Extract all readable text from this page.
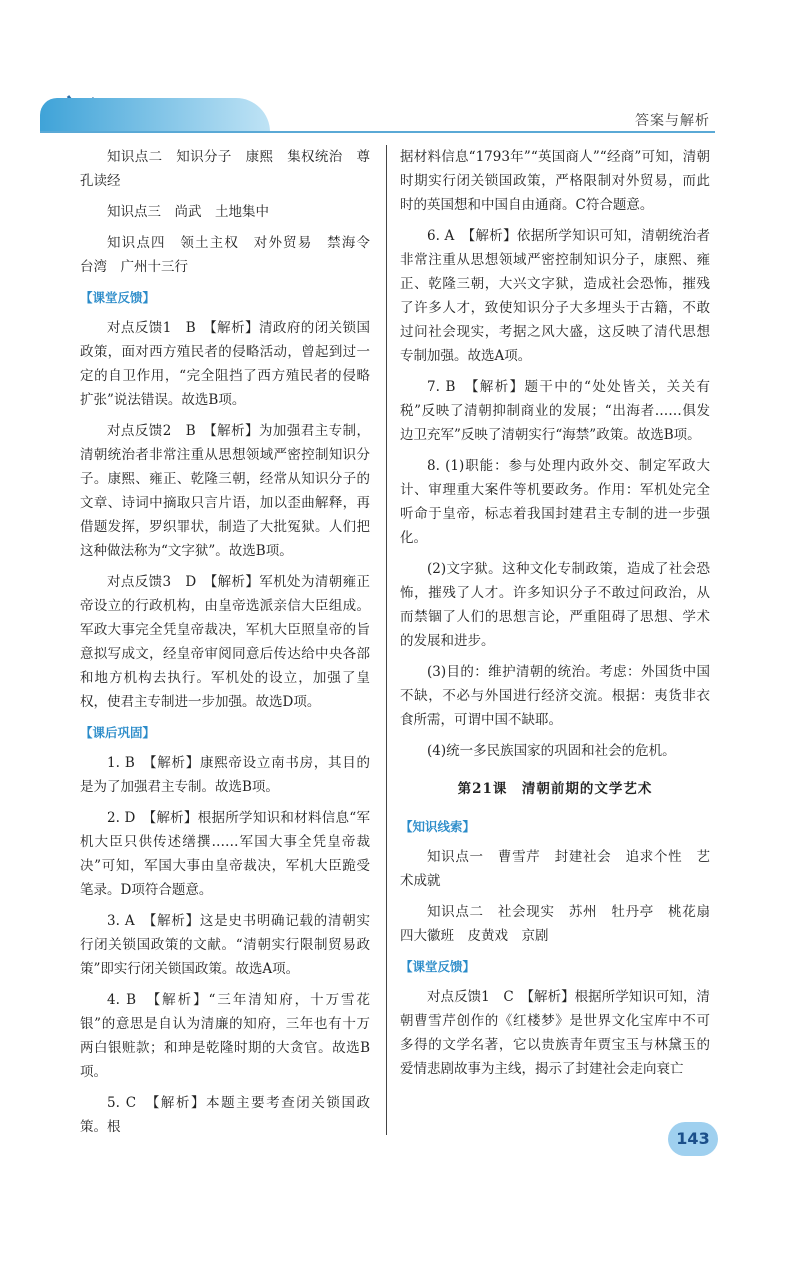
答案与解析

知识点二　知识分子　康熙　集权统治　尊孔读经

知识点三　尚武　土地集中

知识点四　领土主权　对外贸易　禁海令　台湾　广州十三行

【课堂反馈】

对点反馈1　B　【解析】清政府的闭关锁国政策，面对西方殖民者的侵略活动，曾起到过一定的自卫作用，“完全阻挡了西方殖民者的侵略扩张”说法错误。故选B项。

对点反馈2　B　【解析】为加强君主专制，清朝统治者非常注重从思想领域严密控制知识分子。康熙、雍正、乾隆三朝，经常从知识分子的文章、诗词中摘取只言片语，加以歪曲解释，再借题发挥，罗织罪状，制造了大批冤狱。人们把这种做法称为“文字狱”。故选B项。

对点反馈3　D　【解析】军机处为清朝雍正帝设立的行政机构，由皇帝选派亲信大臣组成。军政大事完全凭皇帝裁决，军机大臣照皇帝的旨意拟写成文，经皇帝审阅同意后传达给中央各部和地方机构去执行。军机处的设立，加强了皇权，使君主专制进一步加强。故选D项。

【课后巩固】

1. B　【解析】康熙帝设立南书房，其目的是为了加强君主专制。故选B项。

2. D　【解析】根据所学知识和材料信息“军机大臣只供传述缮撰……军国大事全凭皇帝裁决”可知，军国大事由皇帝裁决，军机大臣跪受笔录。D项符合题意。

3. A　【解析】这是史书明确记载的清朝实行闭关锁国政策的文献。“清朝实行限制贸易政策”即实行闭关锁国政策。故选A项。

4. B　【解析】“三年清知府，十万雪花银”的意思是自认为清廉的知府，三年也有十万两白银赃款；和珅是乾隆时期的大贪官。故选B项。

5. C　【解析】本题主要考查闭关锁国政策。根

据材料信息“1793年”“英国商人”“经商”可知，清朝时期实行闭关锁国政策，严格限制对外贸易，而此时的英国想和中国自由通商。C符合题意。

6. A　【解析】依据所学知识可知，清朝统治者非常注重从思想领域严密控制知识分子，康熙、雍正、乾隆三朝，大兴文字狱，造成社会恐怖，摧残了许多人才，致使知识分子大多埋头于古籍，不敢过问社会现实，考据之风大盛，这反映了清代思想专制加强。故选A项。

7. B　【解析】题干中的“处处皆关，关关有税”反映了清朝抑制商业的发展；“出海者……俱发边卫充军”反映了清朝实行“海禁”政策。故选B项。

8. (1)职能：参与处理内政外交、制定军政大计、审理重大案件等机要政务。作用：军机处完全听命于皇帝，标志着我国封建君主专制的进一步强化。

(2)文字狱。这种文化专制政策，造成了社会恐怖，摧残了人才。许多知识分子不敢过问政治，从而禁锢了人们的思想言论，严重阻碍了思想、学术的发展和进步。

(3)目的：维护清朝的统治。考虑：外国货中国不缺，不必与外国进行经济交流。根据：夷货非衣食所需，可谓中国不缺耶。

(4)统一多民族国家的巩固和社会的危机。

第21课　清朝前期的文学艺术

【知识线索】

知识点一　曹雪芹　封建社会　追求个性　艺术成就

知识点二　社会现实　苏州　牡丹亭　桃花扇　四大徽班　皮黄戏　京剧

【课堂反馈】

对点反馈1　C　【解析】根据所学知识可知，清朝曹雪芹创作的《红楼梦》是世界文化宝库中不可多得的文学名著，它以贵族青年贾宝玉与林黛玉的爱情悲剧故事为主线，揭示了封建社会走向衰亡

143
